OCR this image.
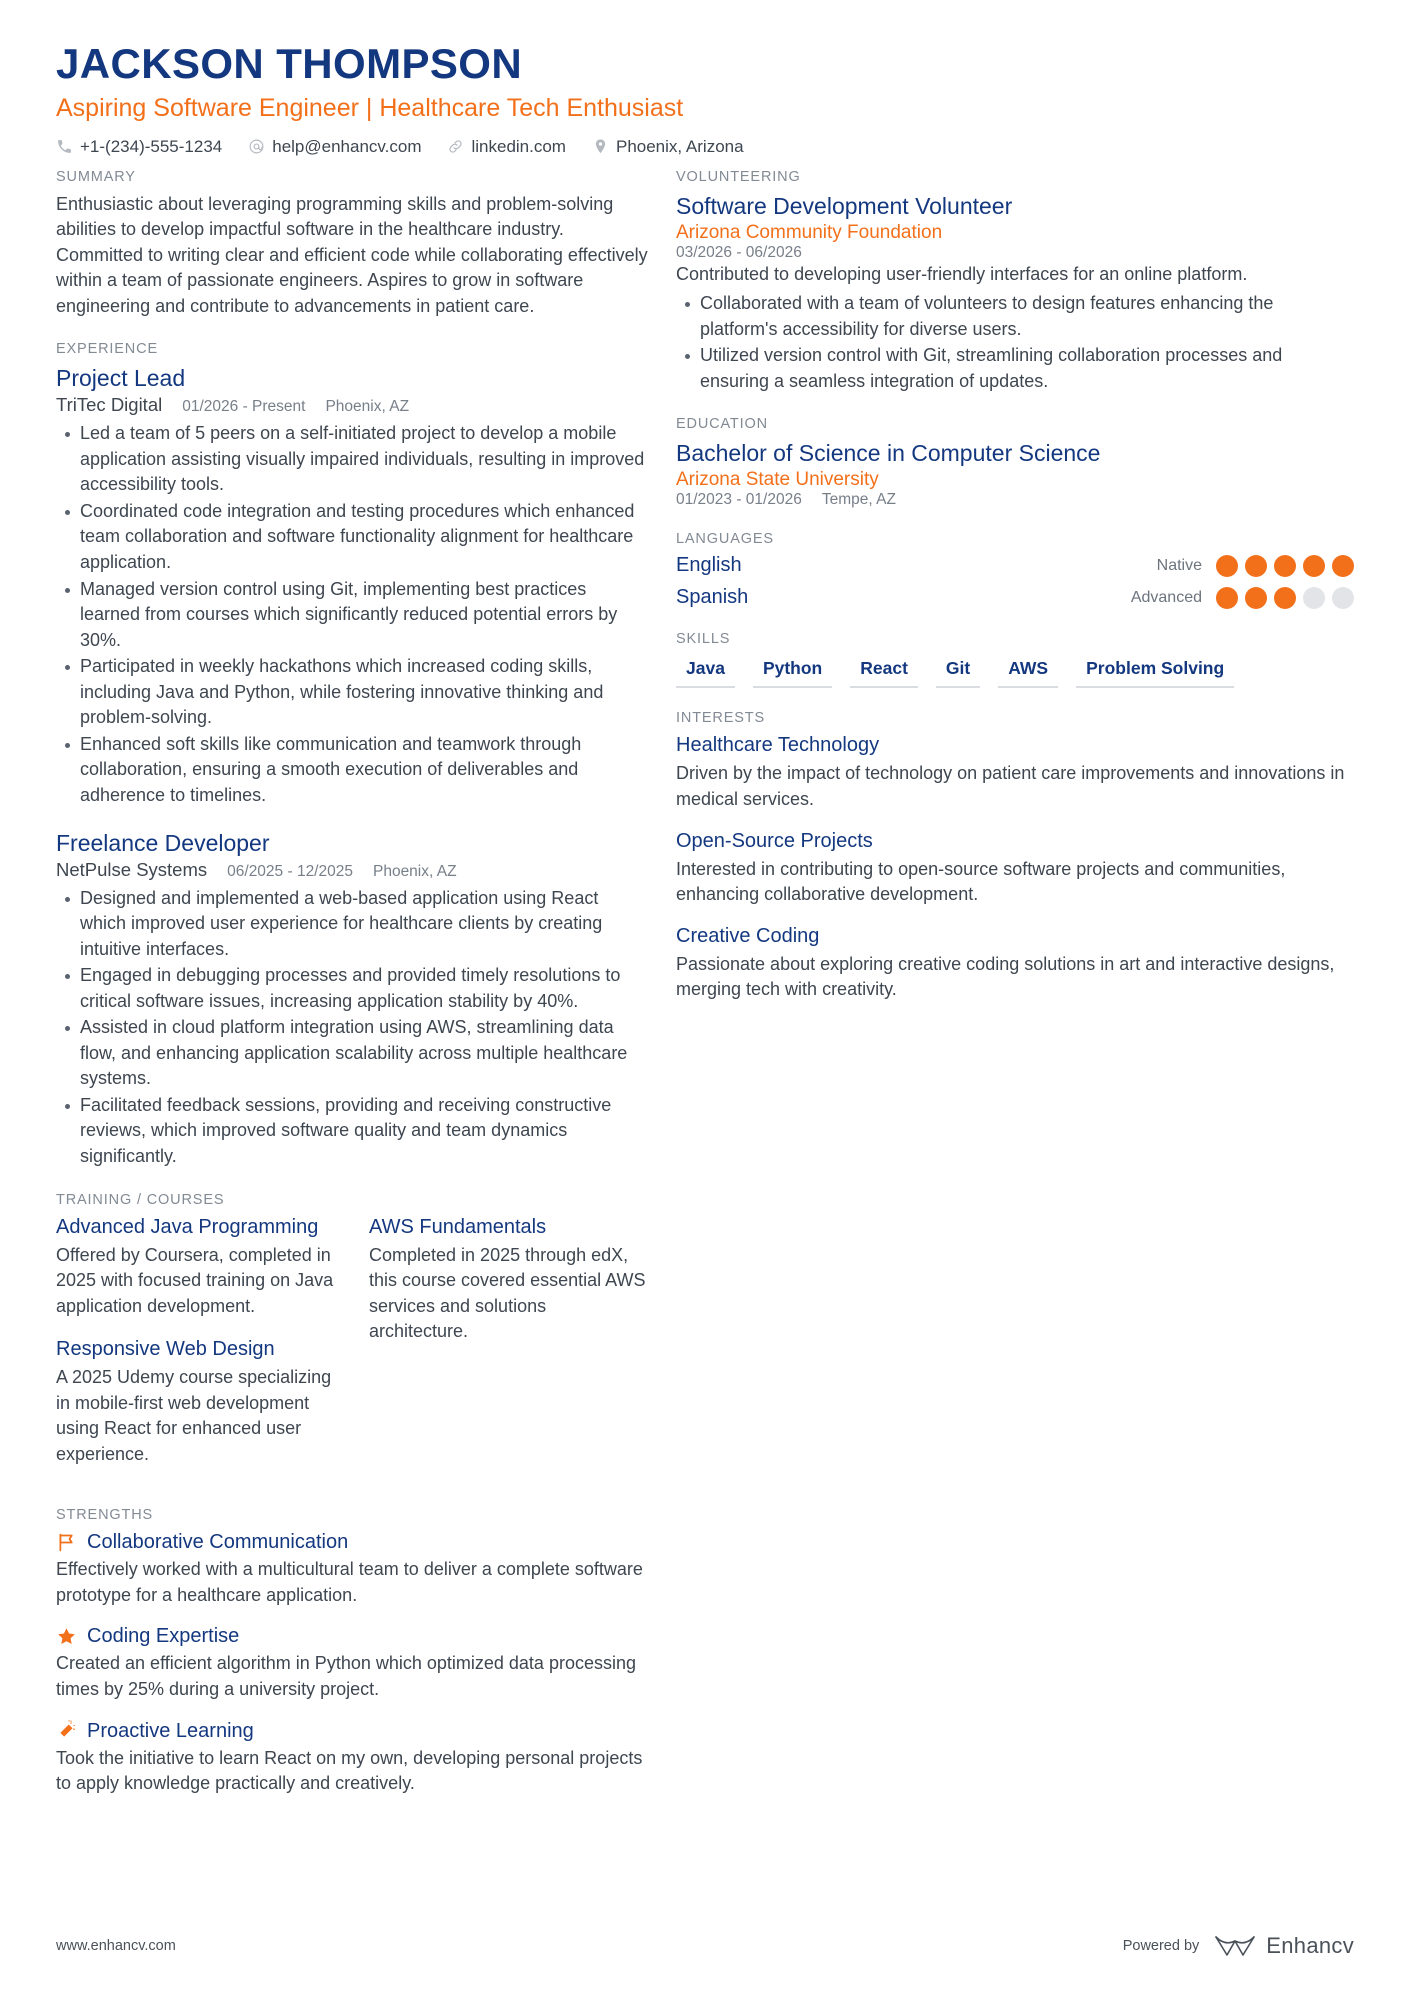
JACKSON THOMPSON
Aspiring Software Engineer | Healthcare Tech Enthusiast
+1-(234)-555-1234	help@enhancv.com	linkedin.com	Phoenix, Arizona
SUMMARY
Enthusiastic about leveraging programming skills and problem-solving abilities to develop impactful software in the healthcare industry. Committed to writing clear and efficient code while collaborating effectively within a team of passionate engineers. Aspires to grow in software engineering and contribute to advancements in patient care.
EXPERIENCE
Project Lead
TriTec Digital 01/2026 - Present Phoenix, AZ
Led a team of 5 peers on a self-initiated project to develop a mobile application assisting visually impaired individuals, resulting in improved accessibility tools.
Coordinated code integration and testing procedures which enhanced team collaboration and software functionality alignment for healthcare application.
Managed version control using Git, implementing best practices learned from courses which significantly reduced potential errors by 30%.
Participated in weekly hackathons which increased coding skills, including Java and Python, while fostering innovative thinking and problem-solving.
Enhanced soft skills like communication and teamwork through collaboration, ensuring a smooth execution of deliverables and adherence to timelines.
Freelance Developer
NetPulse Systems 06/2025 - 12/2025 Phoenix, AZ
Designed and implemented a web-based application using React which improved user experience for healthcare clients by creating intuitive interfaces.
Engaged in debugging processes and provided timely resolutions to critical software issues, increasing application stability by 40%.
Assisted in cloud platform integration using AWS, streamlining data flow, and enhancing application scalability across multiple healthcare systems.
Facilitated feedback sessions, providing and receiving constructive reviews, which improved software quality and team dynamics significantly.
TRAINING / COURSES
Advanced Java Programming
Offered by Coursera, completed in 2025 with focused training on Java application development.
Responsive Web Design
A 2025 Udemy course specializing in mobile-first web development using React for enhanced user experience.
AWS Fundamentals
Completed in 2025 through edX, this course covered essential AWS services and solutions architecture.
STRENGTHS
Collaborative Communication
Effectively worked with a multicultural team to deliver a complete software prototype for a healthcare application.
Coding Expertise
Created an efficient algorithm in Python which optimized data processing times by 25% during a university project.
Proactive Learning
Took the initiative to learn React on my own, developing personal projects to apply knowledge practically and creatively.
VOLUNTEERING
Software Development Volunteer
Arizona Community Foundation
03/2026 - 06/2026
Contributed to developing user-friendly interfaces for an online platform.
Collaborated with a team of volunteers to design features enhancing the platform's accessibility for diverse users.
Utilized version control with Git, streamlining collaboration processes and ensuring a seamless integration of updates.
EDUCATION
Bachelor of Science in Computer Science
Arizona State University
01/2023 - 01/2026 Tempe, AZ
LANGUAGES
English	Native
Spanish	Advanced
SKILLS
Java	Python	React	Git	AWS	Problem Solving
INTERESTS
Healthcare Technology
Driven by the impact of technology on patient care improvements and innovations in medical services.
Open-Source Projects
Interested in contributing to open-source software projects and communities, enhancing collaborative development.
Creative Coding
Passionate about exploring creative coding solutions in art and interactive designs, merging tech with creativity.
www.enhancv.com	Powered by	Enhancv
